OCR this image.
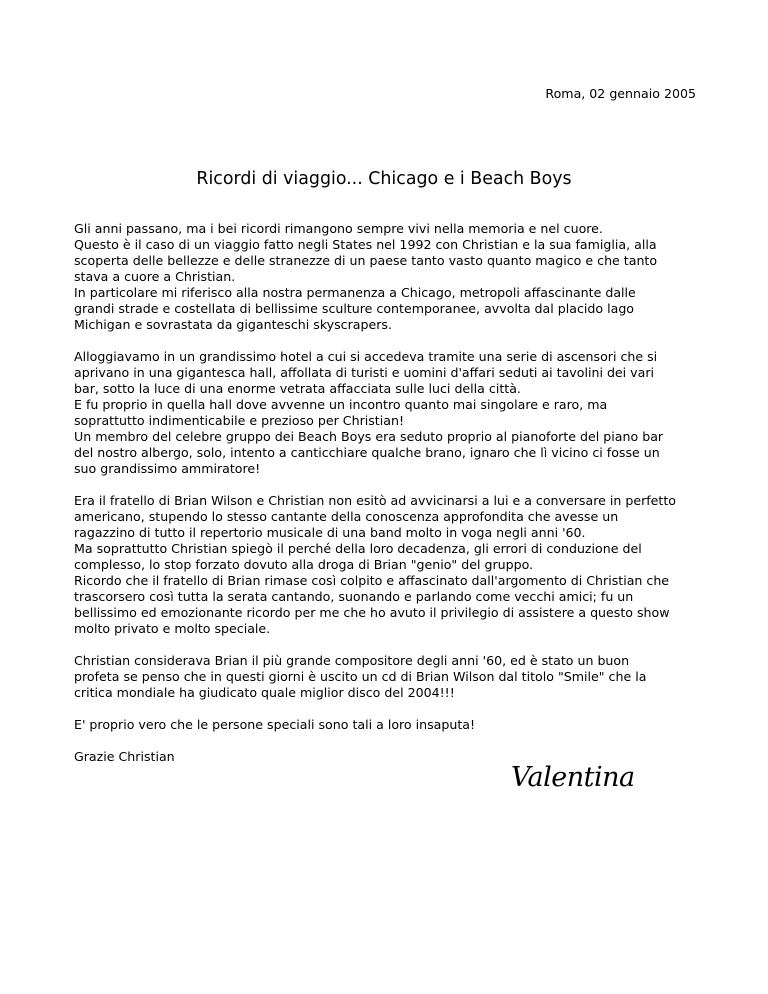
Roma, 02 gennaio 2005
Ricordi di viaggio... Chicago e i Beach Boys
Gli anni passano, ma i bei ricordi rimangono sempre vivi nella memoria e nel cuore.
Questo è il caso di un viaggio fatto negli States nel 1992 con Christian e la sua famiglia, alla
scoperta delle bellezze e delle stranezze di un paese tanto vasto quanto magico e che tanto
stava a cuore a Christian.
In particolare mi riferisco alla nostra permanenza a Chicago, metropoli affascinante dalle
grandi strade e costellata di bellissime sculture contemporanee, avvolta dal placido lago
Michigan e sovrastata da giganteschi skyscrapers.
Alloggiavamo in un grandissimo hotel a cui si accedeva tramite una serie di ascensori che si
aprivano in una gigantesca hall, affollata di turisti e uomini d'affari seduti ai tavolini dei vari
bar, sotto la luce di una enorme vetrata affacciata sulle luci della città.
E fu proprio in quella hall dove avvenne un incontro quanto mai singolare e raro, ma
soprattutto indimenticabile e prezioso per Christian!
Un membro del celebre gruppo dei Beach Boys era seduto proprio al pianoforte del piano bar
del nostro albergo, solo, intento a canticchiare qualche brano, ignaro che lì vicino ci fosse un
suo grandissimo ammiratore!
Era il fratello di Brian Wilson e Christian non esitò ad avvicinarsi a lui e a conversare in perfetto
americano, stupendo lo stesso cantante della conoscenza approfondita che avesse un
ragazzino di tutto il repertorio musicale di una band molto in voga negli anni '60.
Ma soprattutto Christian spiegò il perché della loro decadenza, gli errori di conduzione del
complesso, lo stop forzato dovuto alla droga di Brian "genio" del gruppo.
Ricordo che il fratello di Brian rimase così colpito e affascinato dall'argomento di Christian che
trascorsero così tutta la serata cantando, suonando e parlando come vecchi amici; fu un
bellissimo ed emozionante ricordo per me che ho avuto il privilegio di assistere a questo show
molto privato e molto speciale.
Christian considerava Brian il più grande compositore degli anni '60, ed è stato un buon
profeta se penso che in questi giorni è uscito un cd di Brian Wilson dal titolo "Smile" che la
critica mondiale ha giudicato quale miglior disco del 2004!!!
E' proprio vero che le persone speciali sono tali a loro insaputa!
Grazie Christian
Valentina
